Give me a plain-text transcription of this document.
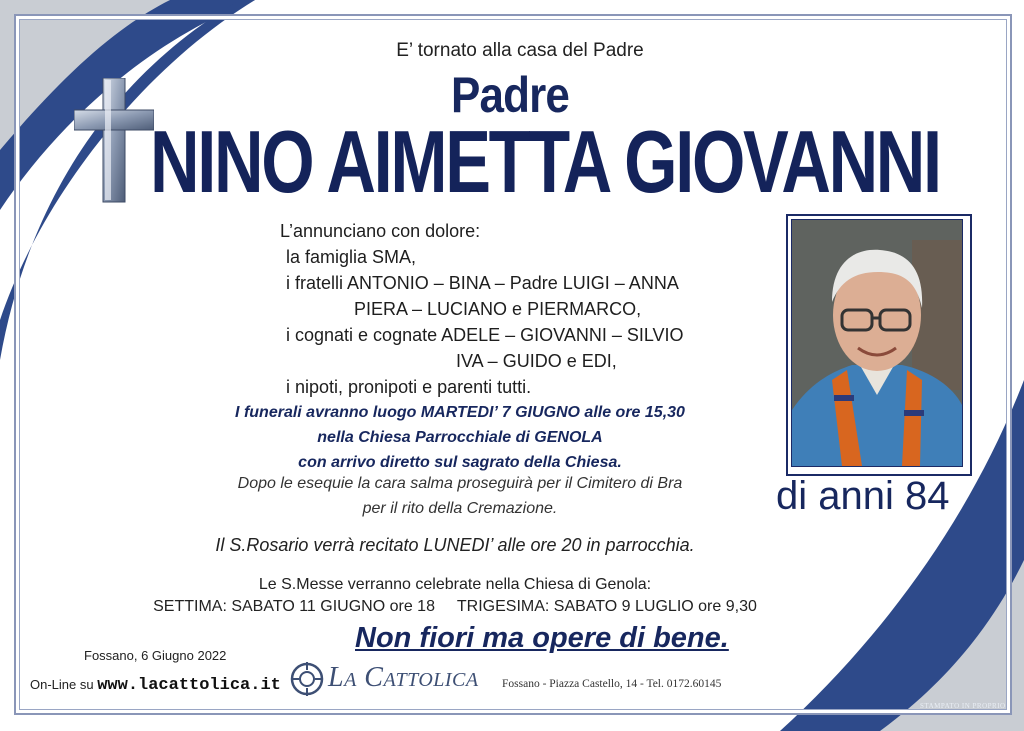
E’ tornato alla casa del Padre
Padre
NINO AIMETTA GIOVANNI
L’annunciano con dolore:
la famiglia SMA,
i fratelli ANTONIO – BINA – Padre LUIGI – ANNA
PIERA – LUCIANO e PIERMARCO,
i cognati e cognate ADELE – GIOVANNI – SILVIO
IVA – GUIDO e EDI,
i nipoti, pronipoti e parenti tutti.
I funerali avranno luogo MARTEDI’ 7 GIUGNO alle ore 15,30
nella Chiesa Parrocchiale di GENOLA
con arrivo diretto sul sagrato della Chiesa.
Dopo le esequie la cara salma proseguirà per il Cimitero di Bra
per il rito della Cremazione.
Il S.Rosario verrà recitato LUNEDI’ alle ore 20 in parrocchia.
Le S.Messe verranno celebrate nella Chiesa di Genola:
SETTIMA: SABATO 11 GIUGNO ore 18     TRIGESIMA: SABATO 9 LUGLIO ore 9,30
di anni 84
Non fiori ma opere di bene.
Fossano, 6 Giugno 2022
On-Line su www.lacattolica.it La Cattolica Fossano - Piazza Castello, 14 - Tel. 0172.60145
STAMPATO IN PROPRIO
